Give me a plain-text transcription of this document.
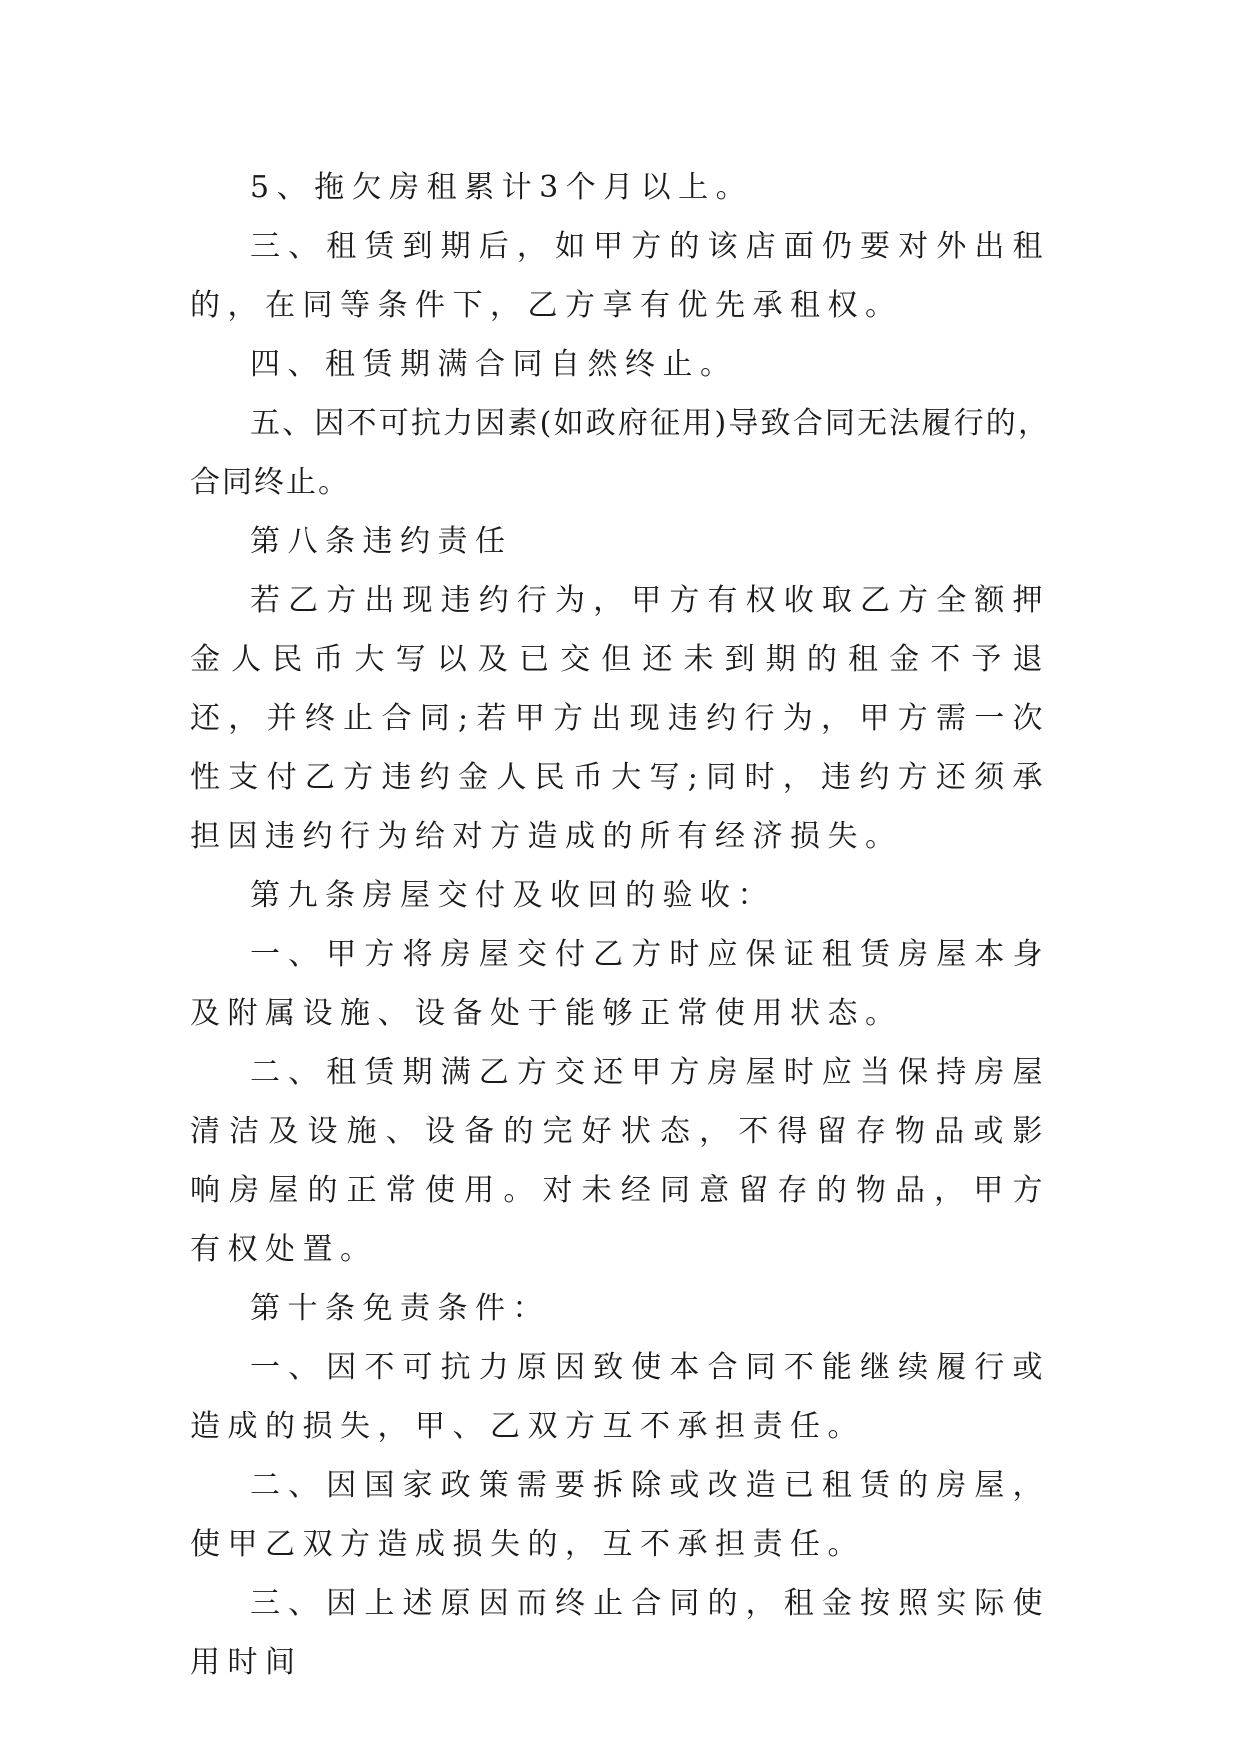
5、拖欠房租累计3个月以上。

三、租赁到期后，如甲方的该店面仍要对外出租的，在同等条件下，乙方享有优先承租权。

四、租赁期满合同自然终止。

五、因不可抗力因素(如政府征用)导致合同无法履行的，合同终止。

第八条违约责任

若乙方出现违约行为，甲方有权收取乙方全额押金人民币大写以及已交但还未到期的租金不予退还，并终止合同;若甲方出现违约行为，甲方需一次性支付乙方违约金人民币大写;同时，违约方还须承担因违约行为给对方造成的所有经济损失。

第九条房屋交付及收回的验收：

一、甲方将房屋交付乙方时应保证租赁房屋本身及附属设施、设备处于能够正常使用状态。

二、租赁期满乙方交还甲方房屋时应当保持房屋清洁及设施、设备的完好状态，不得留存物品或影响房屋的正常使用。对未经同意留存的物品，甲方有权处置。

第十条免责条件：

一、因不可抗力原因致使本合同不能继续履行或造成的损失，甲、乙双方互不承担责任。

二、因国家政策需要拆除或改造已租赁的房屋，使甲乙双方造成损失的，互不承担责任。

三、因上述原因而终止合同的，租金按照实际使用时间
